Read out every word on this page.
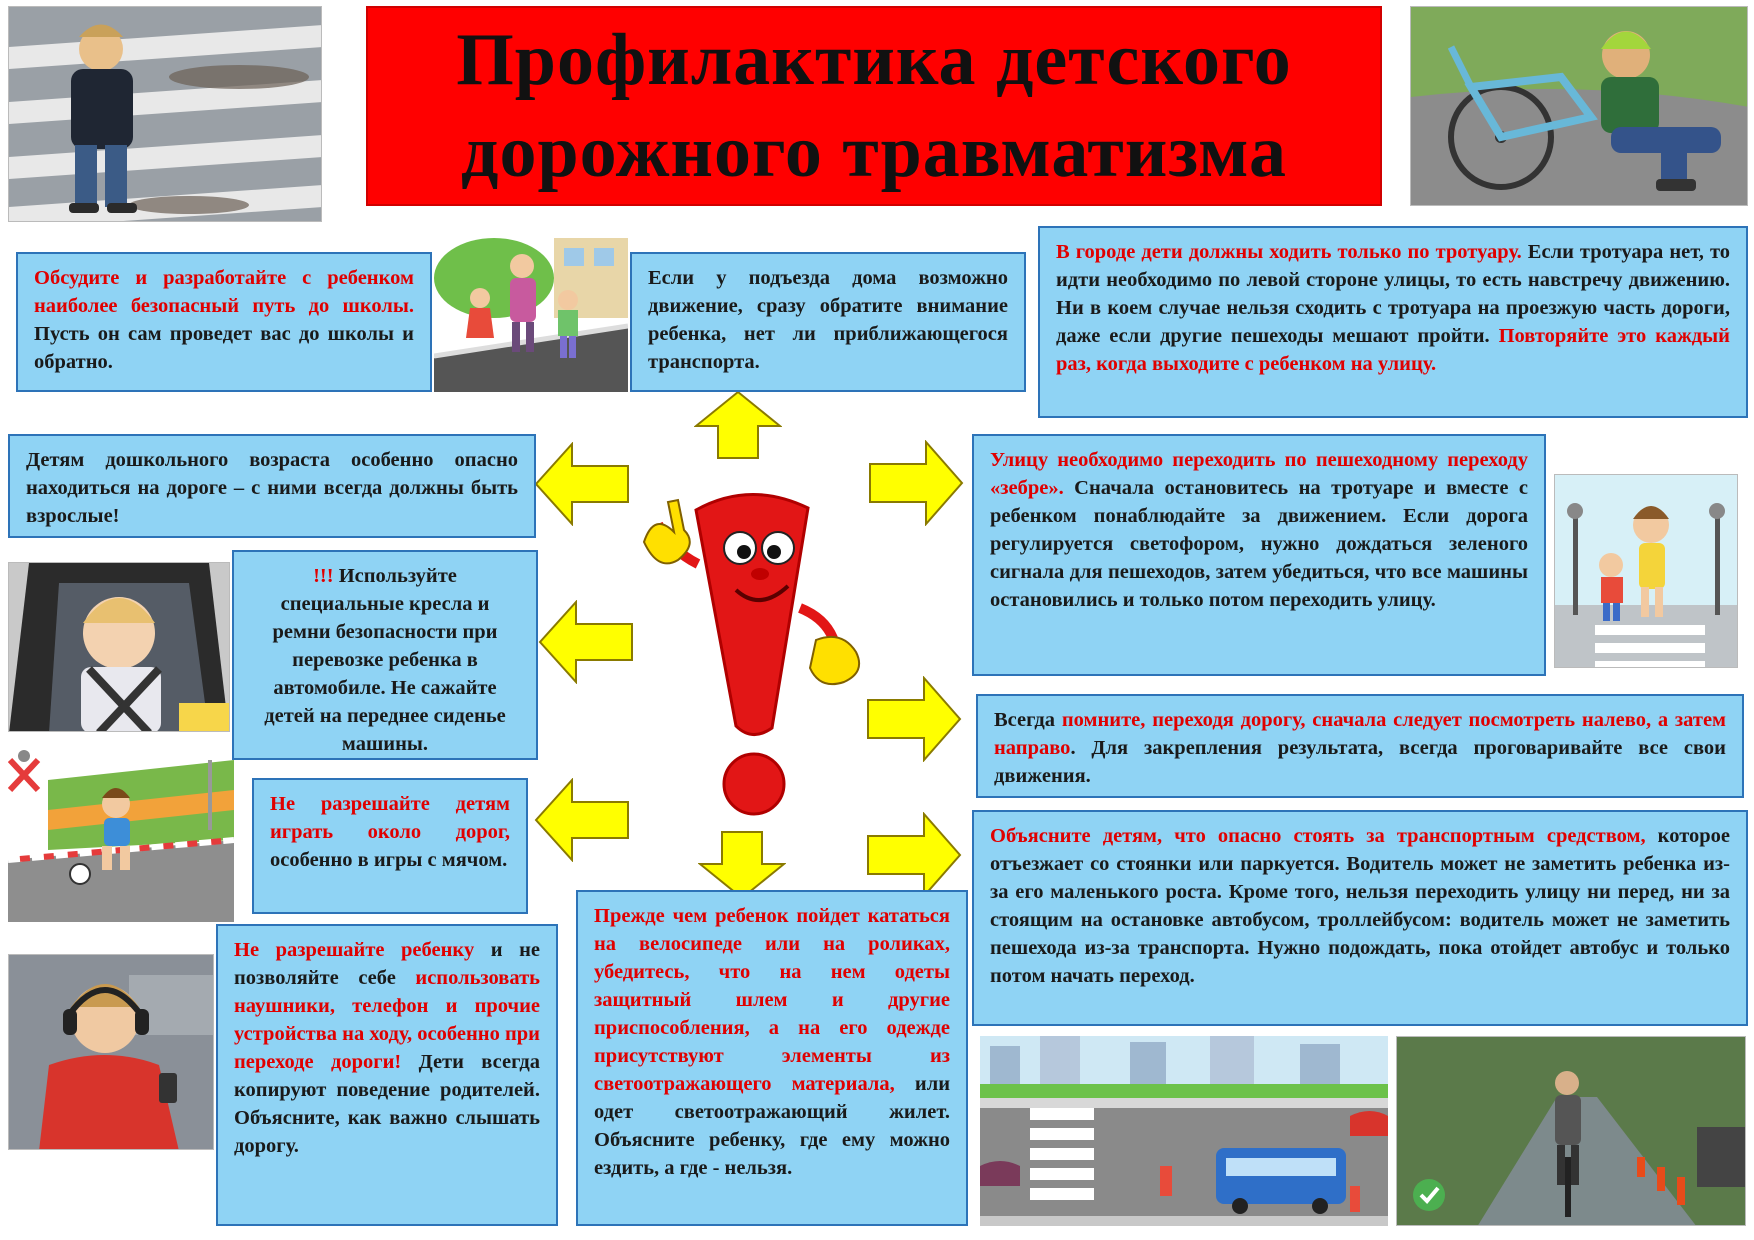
Профилактика детского
дорожного травматизма
Обсудите и разработайте с ребенком наиболее безопасный путь до школы. Пусть он сам проведет вас до школы и обратно.
Если у подъезда дома возможно движение, сразу обратите внимание ребенка, нет ли приближающегося транспорта.
В городе дети должны ходить только по тротуару. Если тротуара нет, то идти необходимо по левой стороне улицы, то есть навстречу движению. Ни в коем случае нельзя сходить с тротуара на проезжую часть дороги, даже если другие пешеходы мешают пройти. Повторяйте это каждый раз, когда выходите с ребенком на улицу.
Детям дошкольного возраста особенно опасно находиться на дороге – с ними всегда должны быть взрослые!
Улицу необходимо переходить по пешеходному переходу «зебре». Сначала остановитесь на тротуаре и вместе с ребенком понаблюдайте за движением. Если дорога регулируется светофором, нужно дождаться зеленого сигнала для пешеходов, затем убедиться, что все машины остановились и только потом переходить улицу.
!!! Используйте специальные кресла и ремни безопасности при перевозке ребенка в автомобиле. Не сажайте детей на переднее сиденье машины.
Всегда помните, переходя дорогу, сначала следует посмотреть налево, а затем направо. Для закрепления результата, всегда проговаривайте все свои движения.
Не разрешайте детям играть около дорог, особенно в игры с мячом.
Объясните детям, что опасно стоять за транспортным средством, которое отъезжает со стоянки или паркуется. Водитель может не заметить ребенка из-за его маленького роста. Кроме того, нельзя переходить улицу ни перед, ни за стоящим на остановке автобусом, троллейбусом: водитель может не заметить пешехода из-за транспорта. Нужно подождать, пока отойдет автобус и только потом начать переход.
Не разрешайте ребенку и не позволяйте себе использовать наушники, телефон и прочие устройства на ходу, особенно при переходе дороги! Дети всегда копируют поведение родителей. Объясните, как важно слышать дорогу.
Прежде чем ребенок пойдет кататься на велосипеде или на роликах, убедитесь, что на нем одеты защитный шлем и другие приспособления, а на его одежде присутствуют элементы из светоотражающего материала, или одет светоотражающий жилет. Объясните ребенку, где ему можно ездить, а где - нельзя.
